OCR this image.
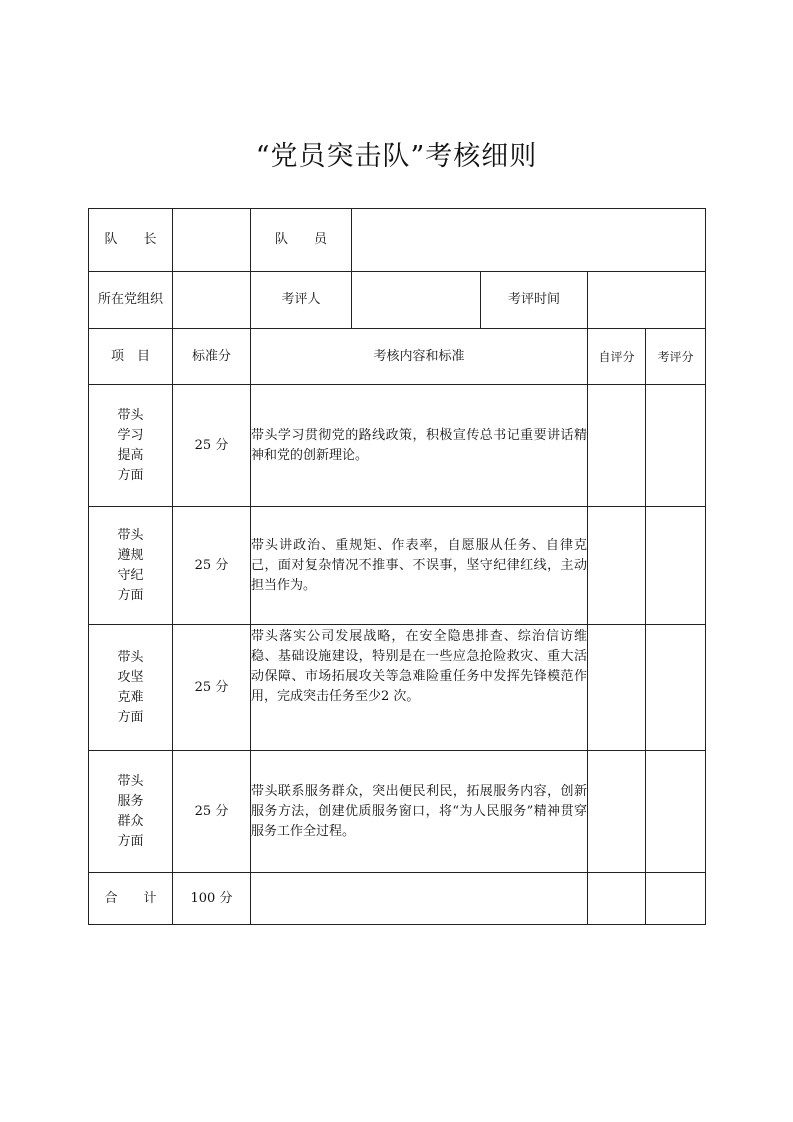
“党员突击队”考核细则
队　　长		队　　员				
所在党组织		考评人		考评时间		
项　目	标准分	考核内容和标准			自评分	考评分

带头
学习
提高
方面	25 分	带头学习贯彻党的路线政策，积极宣传总书记重要讲话精神和党的创新理论。				

带头
遵规
守纪
方面	25 分	带头讲政治、重规矩、作表率，自愿服从任务、自律克己，面对复杂情况不推事、不误事，坚守纪律红线，主动担当作为。				

带头
攻坚
克难
方面	25 分	带头落实公司发展战略，在安全隐患排查、综治信访维稳、基础设施建设，特别是在一些应急抢险救灾、重大活动保障、市场拓展攻关等急难险重任务中发挥先锋模范作用，完成突击任务至少2 次。				

带头
服务
群众
方面	25 分	带头联系服务群众，突出便民利民，拓展服务内容，创新服务方法，创建优质服务窗口，将“为人民服务”精神贯穿服务工作全过程。				
合　　计	100 分					
